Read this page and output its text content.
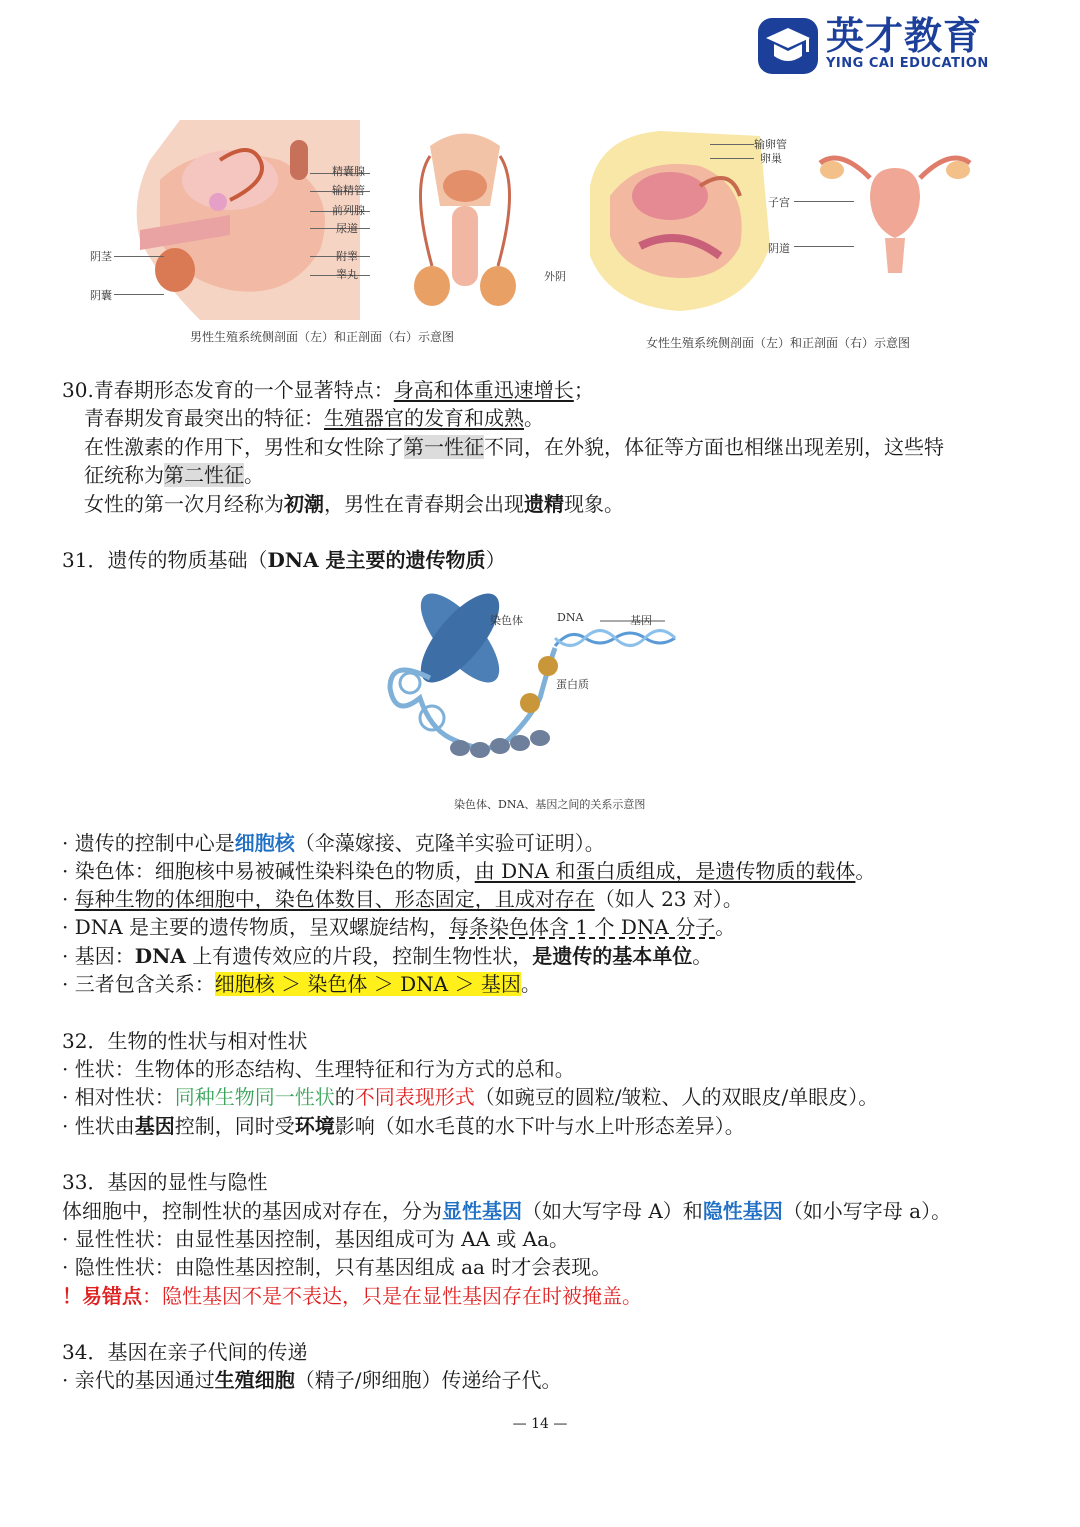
英才教育
YING CAI EDUCATION
精囊腺
输精管
前列腺
尿道
附睾
睾丸
阴茎
阴囊
男性生殖系统侧剖面（左）和正剖面（右）示意图
输卵管
卵巢
子宫
阴道
外阴
女性生殖系统侧剖面（左）和正剖面（右）示意图
30.青春期形态发育的一个显著特点：身高和体重迅速增长；
青春期发育最突出的特征：生殖器官的发育和成熟。
在性激素的作用下，男性和女性除了第一性征不同，在外貌，体征等方面也相继出现差别，这些特
征统称为第二性征。
女性的第一次月经称为初潮，男性在青春期会出现遗精现象。
31．遗传的物质基础（DNA 是主要的遗传物质）
染色体	DNA	基因
蛋白质
染色体、DNA、基因之间的关系示意图
· 遗传的控制中心是细胞核（伞藻嫁接、克隆羊实验可证明）。
· 染色体：细胞核中易被碱性染料染色的物质，由 DNA 和蛋白质组成，是遗传物质的载体。
· 每种生物的体细胞中，染色体数目、形态固定，且成对存在（如人 23 对）。
· DNA 是主要的遗传物质，呈双螺旋结构，每条染色体含 1 个 DNA 分子。
· 基因：DNA 上有遗传效应的片段，控制生物性状，是遗传的基本单位。
· 三者包含关系：细胞核 ＞ 染色体 ＞ DNA ＞ 基因。
32．生物的性状与相对性状
· 性状：生物体的形态结构、生理特征和行为方式的总和。
· 相对性状：同种生物同一性状的不同表现形式（如豌豆的圆粒/皱粒、人的双眼皮/单眼皮）。
· 性状由基因控制，同时受环境影响（如水毛茛的水下叶与水上叶形态差异）。
33．基因的显性与隐性
体细胞中，控制性状的基因成对存在，分为显性基因（如大写字母 A）和隐性基因（如小写字母 a）。
· 显性性状：由显性基因控制，基因组成可为 AA 或 Aa。
· 隐性性状：由隐性基因控制，只有基因组成 aa 时才会表现。
！易错点：隐性基因不是不表达，只是在显性基因存在时被掩盖。
34．基因在亲子代间的传递
· 亲代的基因通过生殖细胞（精子/卵细胞）传递给子代。
— 14 —
